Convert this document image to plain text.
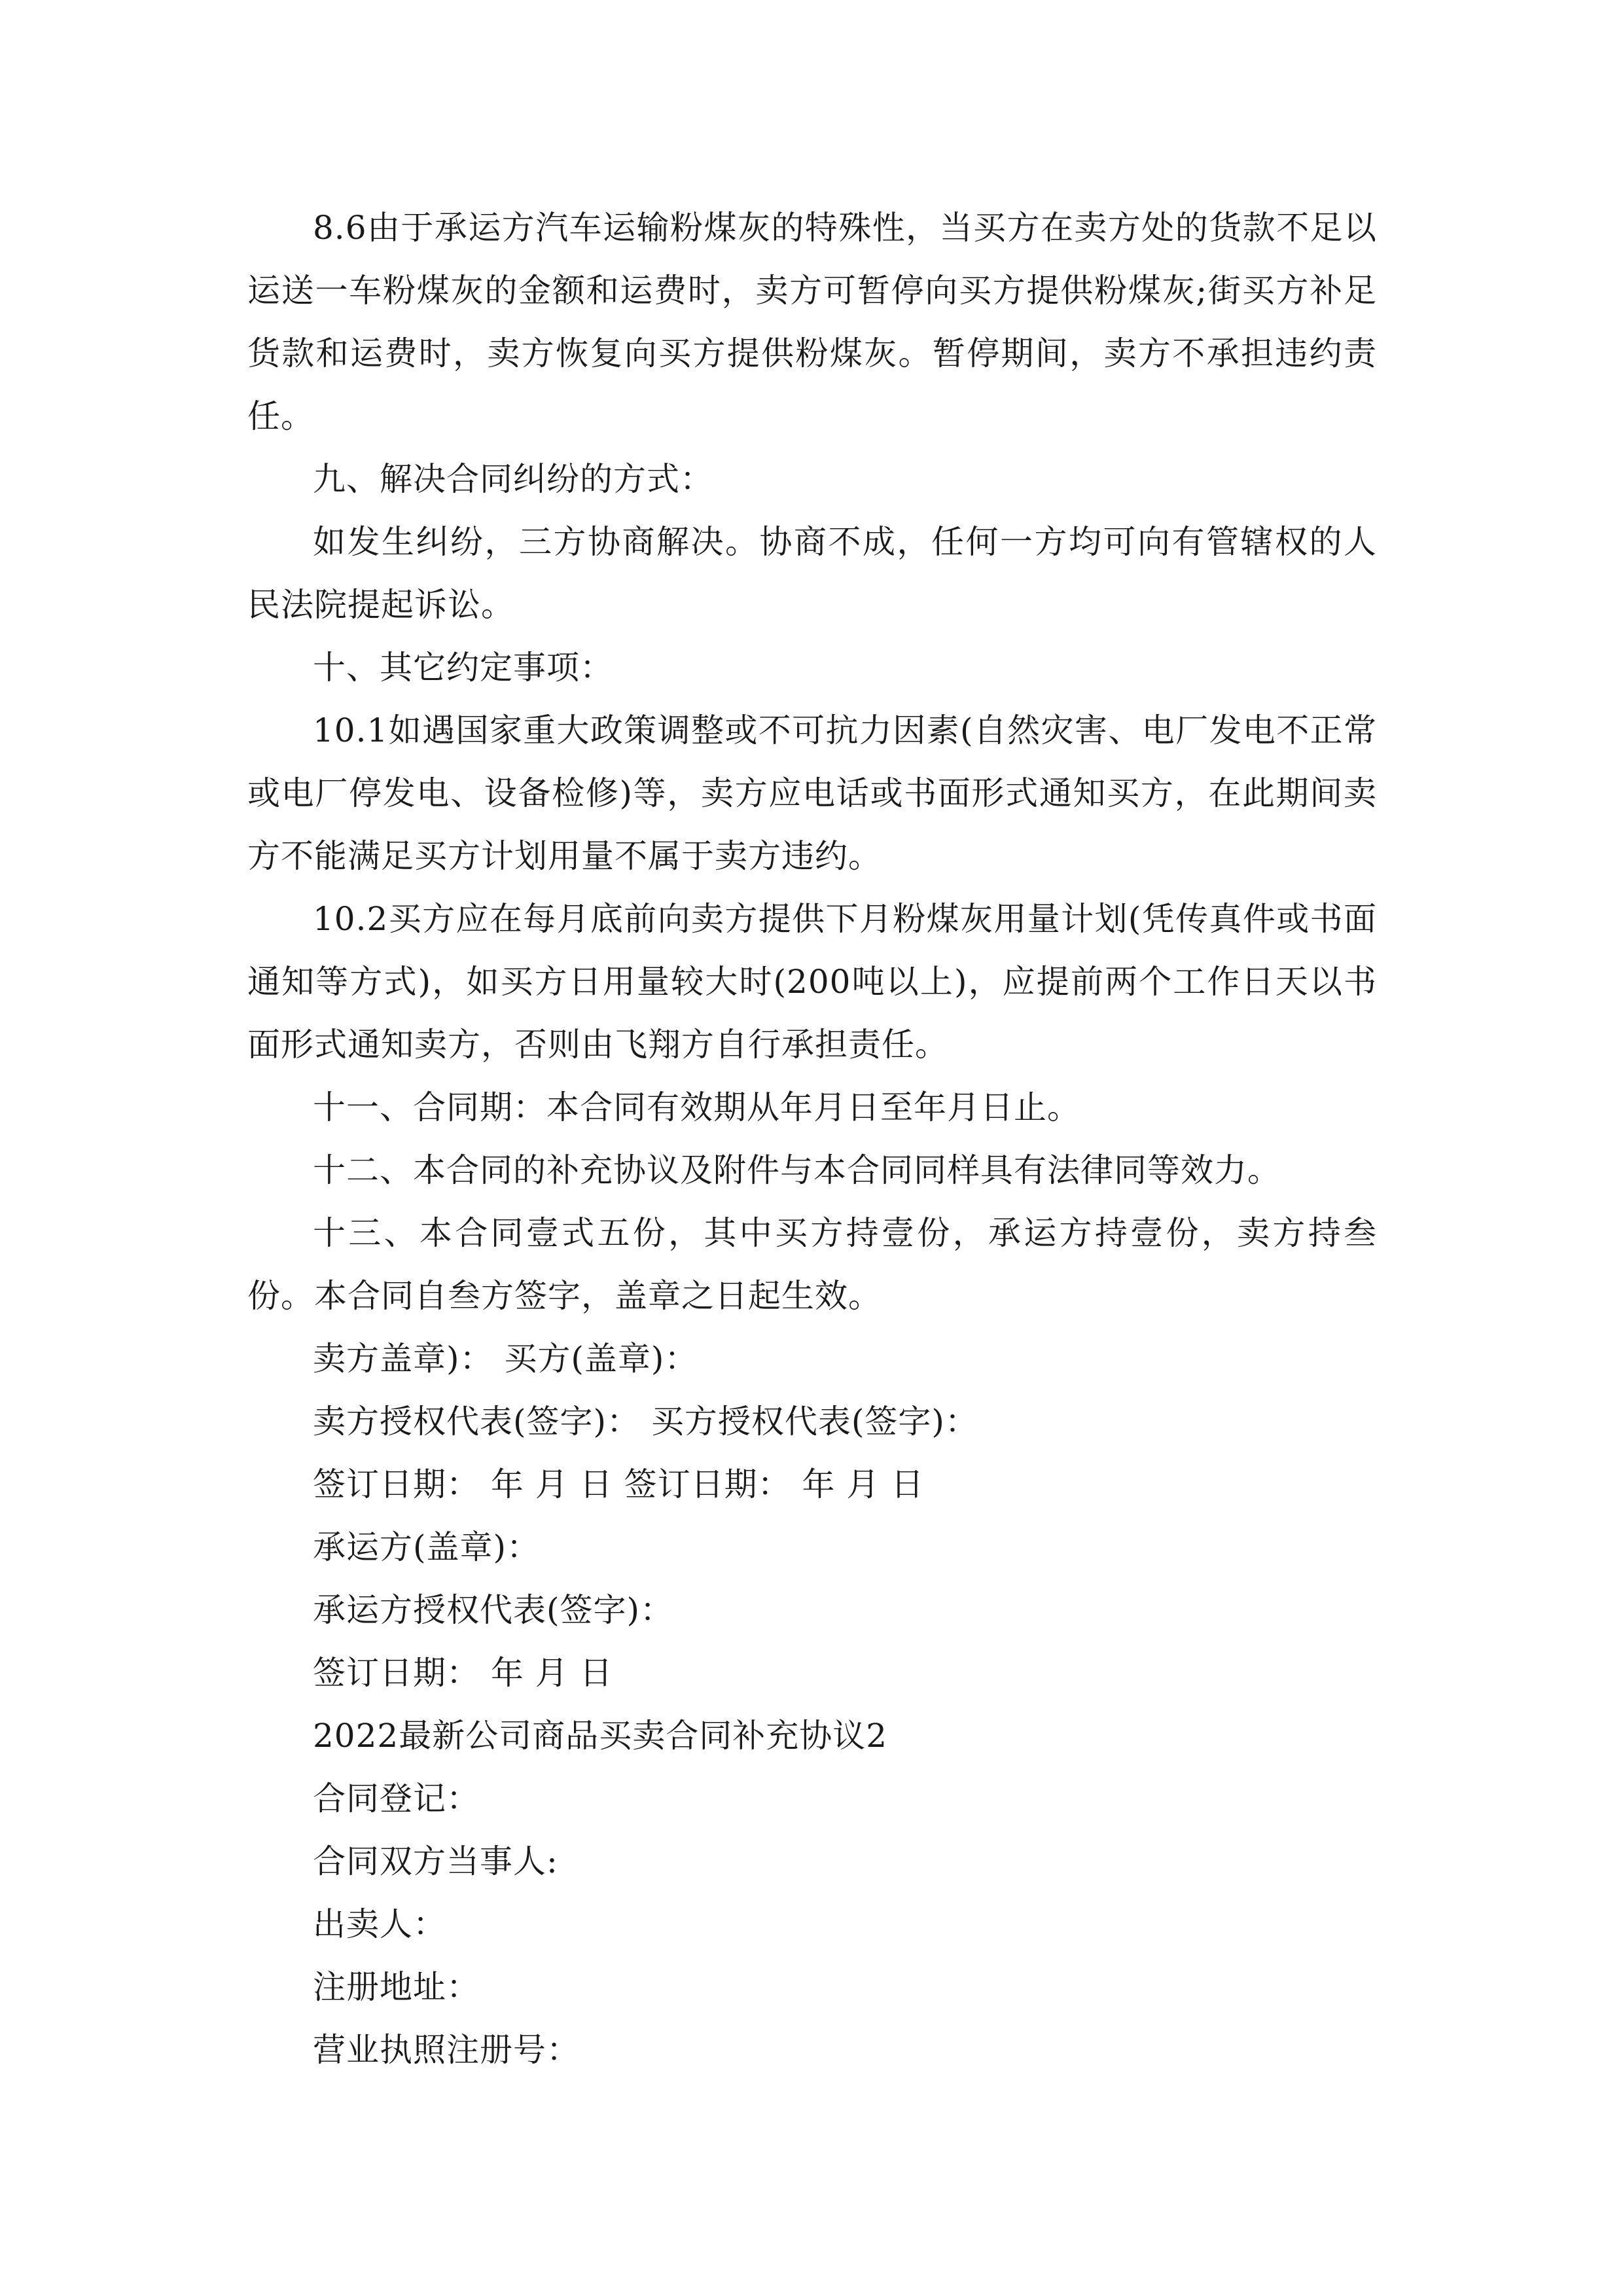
8.6由于承运方汽车运输粉煤灰的特殊性，当买方在卖方处的货款不足以运送一车粉煤灰的金额和运费时，卖方可暂停向买方提供粉煤灰;街买方补足货款和运费时，卖方恢复向买方提供粉煤灰。暂停期间，卖方不承担违约责任。

九、解决合同纠纷的方式：

如发生纠纷，三方协商解决。协商不成，任何一方均可向有管辖权的人民法院提起诉讼。

十、其它约定事项：

10.1如遇国家重大政策调整或不可抗力因素(自然灾害、电厂发电不正常或电厂停发电、设备检修)等，卖方应电话或书面形式通知买方，在此期间卖方不能满足买方计划用量不属于卖方违约。

10.2买方应在每月底前向卖方提供下月粉煤灰用量计划(凭传真件或书面通知等方式)，如买方日用量较大时(200吨以上)，应提前两个工作日天以书面形式通知卖方，否则由飞翔方自行承担责任。

十一、合同期：本合同有效期从年月日至年月日止。

十二、本合同的补充协议及附件与本合同同样具有法律同等效力。

十三、本合同壹式五份，其中买方持壹份，承运方持壹份，卖方持叁份。本合同自叁方签字，盖章之日起生效。

卖方盖章)： 买方(盖章)：

卖方授权代表(签字)： 买方授权代表(签字)：

签订日期： 年 月 日 签订日期： 年 月 日

承运方(盖章)：

承运方授权代表(签字)：

签订日期： 年 月 日

2022最新公司商品买卖合同补充协议2

合同登记：

合同双方当事人:

出卖人：

注册地址：

营业执照注册号：
